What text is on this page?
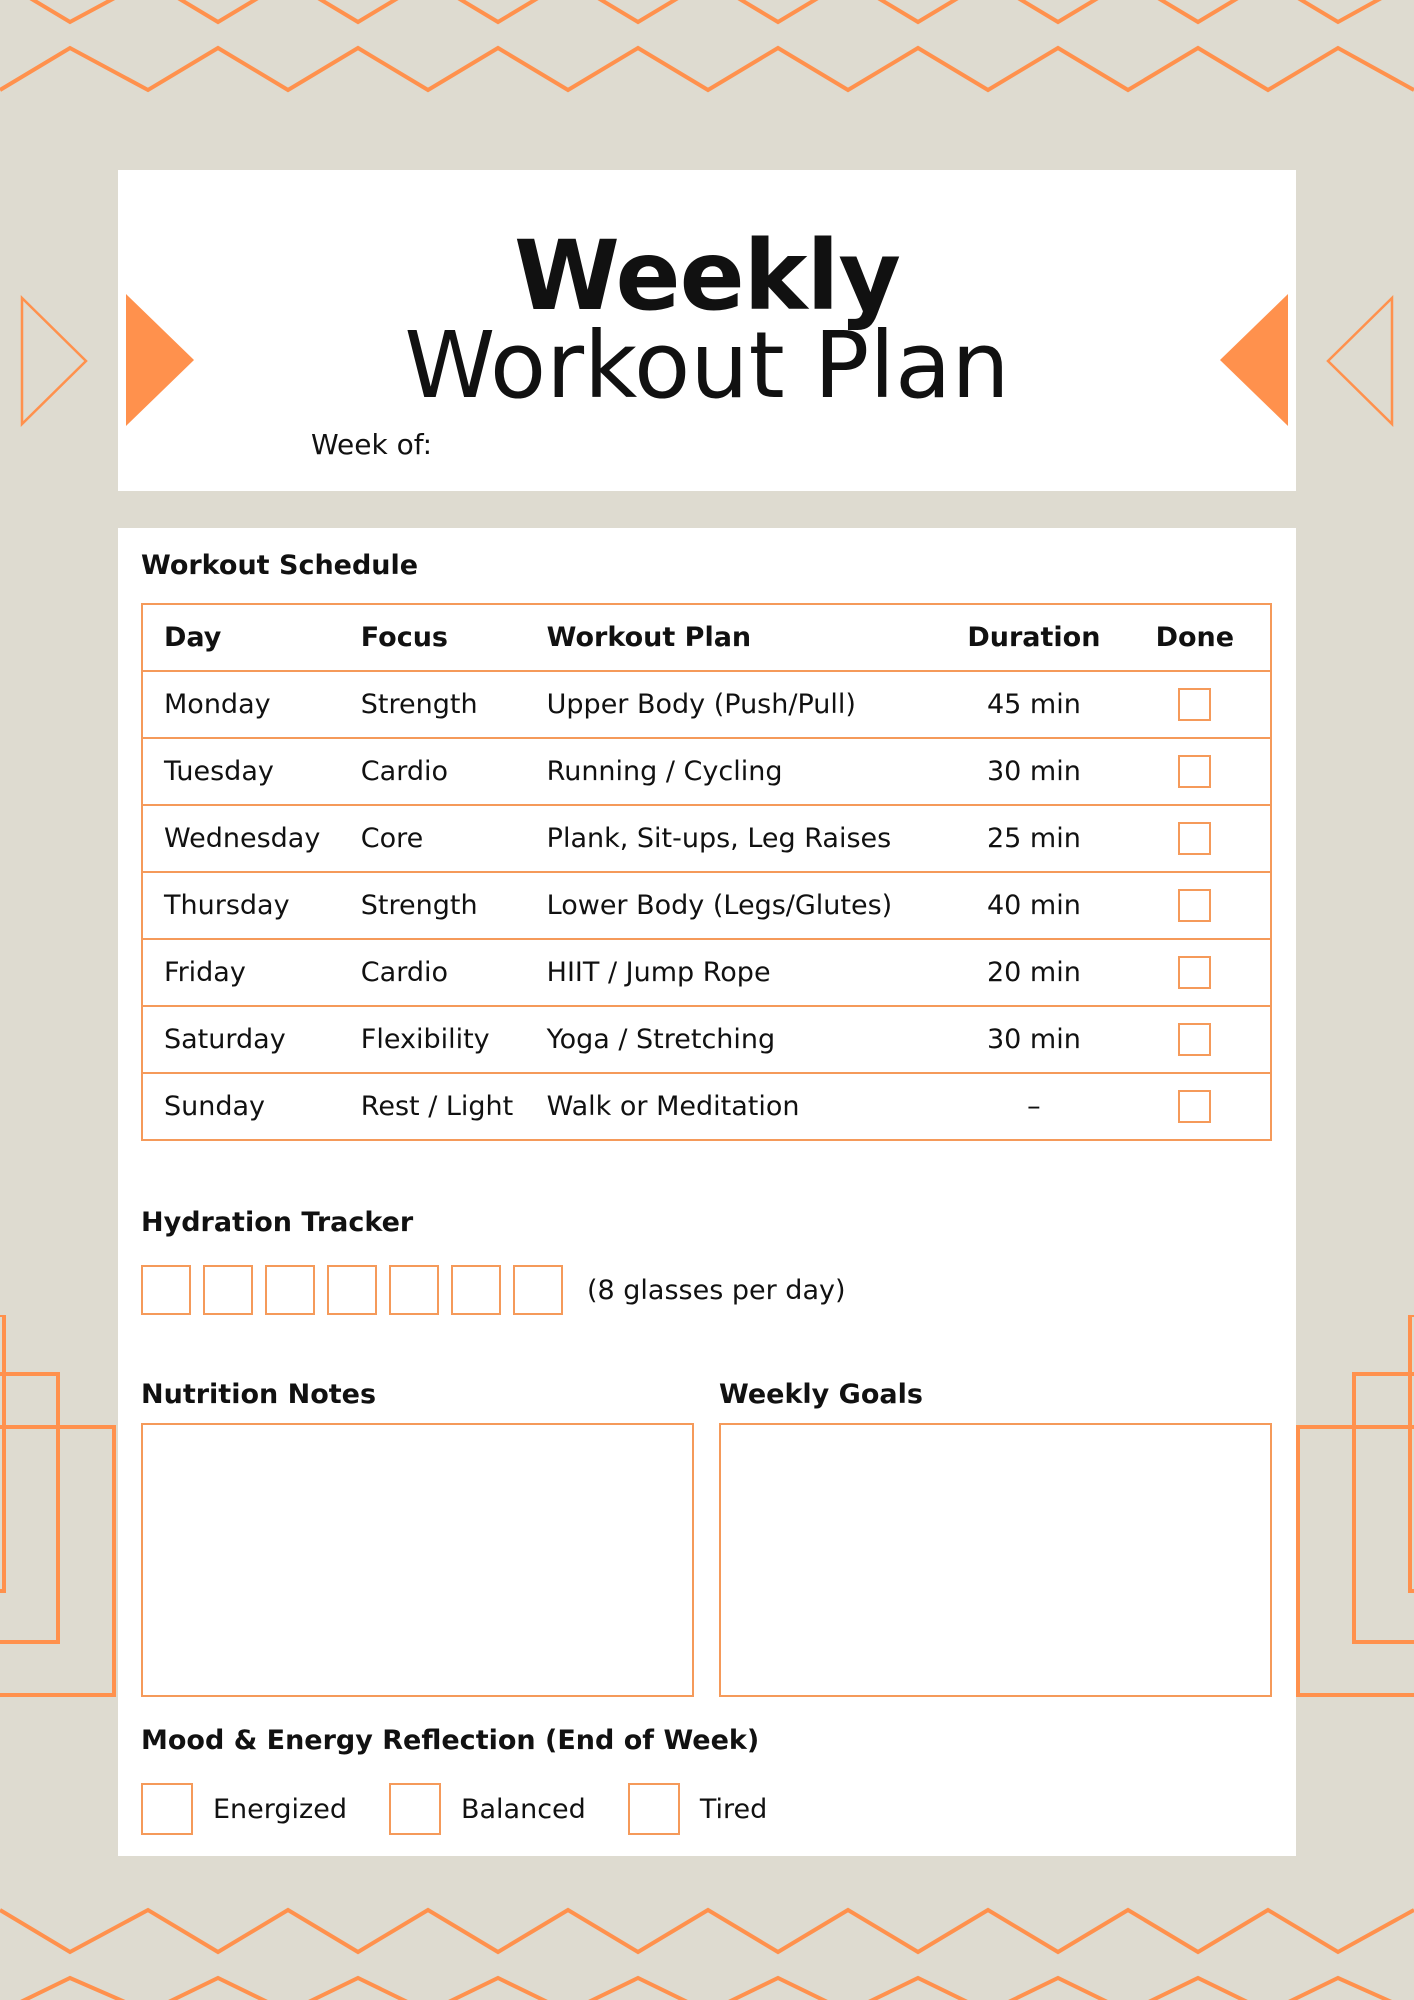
Weekly
Workout Plan
Week of:
Workout Schedule
Day	Focus	Workout Plan	Duration	Done
Monday	Strength	Upper Body (Push/Pull)	45 min	
Tuesday	Cardio	Running / Cycling	30 min	
Wednesday	Core	Plank, Sit-ups, Leg Raises	25 min	
Thursday	Strength	Lower Body (Legs/Glutes)	40 min	
Friday	Cardio	HIIT / Jump Rope	20 min	
Saturday	Flexibility	Yoga / Stretching	30 min	
Sunday	Rest / Light	Walk or Meditation	–	
Hydration Tracker
(8 glasses per day)
Nutrition Notes	Weekly Goals
Mood & Energy Reflection (End of Week)
Energized	Balanced	Tired
